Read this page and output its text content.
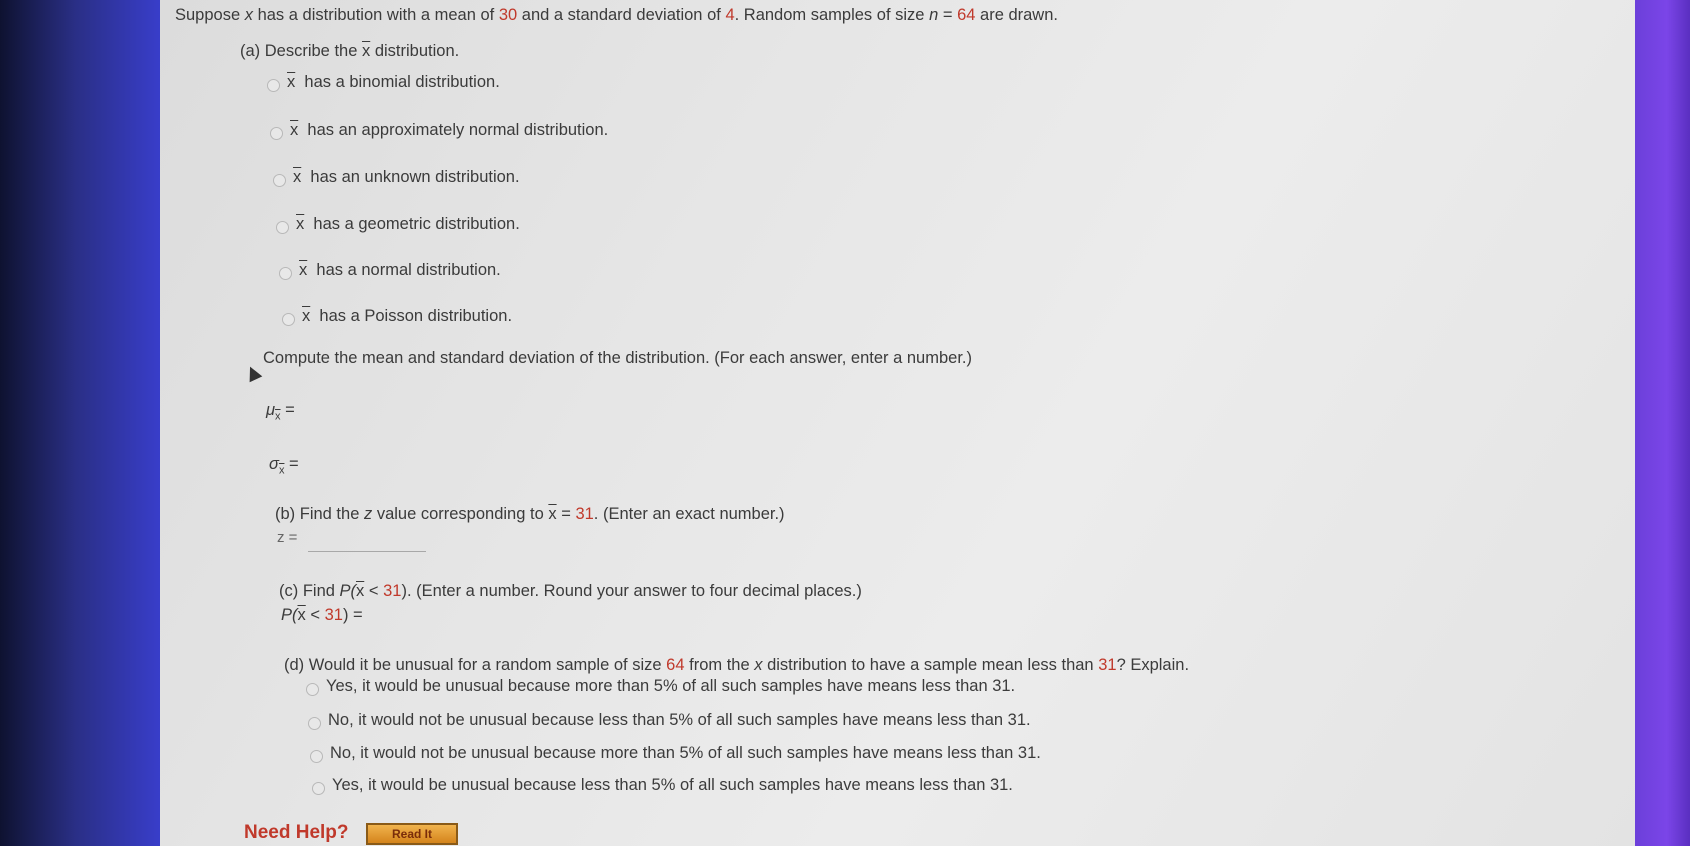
Suppose x has a distribution with a mean of 30 and a standard deviation of 4. Random samples of size n = 64 are drawn.
(a) Describe the $\overline{x}$ distribution.
$\overline{x}$ has a binomial distribution.
$\overline{x}$ has an approximately normal distribution.
$\overline{x}$ has an unknown distribution.
$\overline{x}$ has a geometric distribution.
$\overline{x}$ has a normal distribution.
$\overline{x}$ has a Poisson distribution.
Compute the mean and standard deviation of the distribution. (For each answer, enter a number.)
$\mu_{\overline{x}}$ =
$\sigma_{\overline{x}}$ =
(b) Find the z value corresponding to $\overline{x} = 31$. (Enter an exact number.)
z =
(c) Find $P(\overline{x} < 31)$. (Enter a number. Round your answer to four decimal places.)
$P(\overline{x} < 31)$ =
(d) Would it be unusual for a random sample of size 64 from the x distribution to have a sample mean less than 31? Explain.
Yes, it would be unusual because more than 5% of all such samples have means less than 31.
No, it would not be unusual because less than 5% of all such samples have means less than 31.
No, it would not be unusual because more than 5% of all such samples have means less than 31.
Yes, it would be unusual because less than 5% of all such samples have means less than 31.
Need Help?	Read It
